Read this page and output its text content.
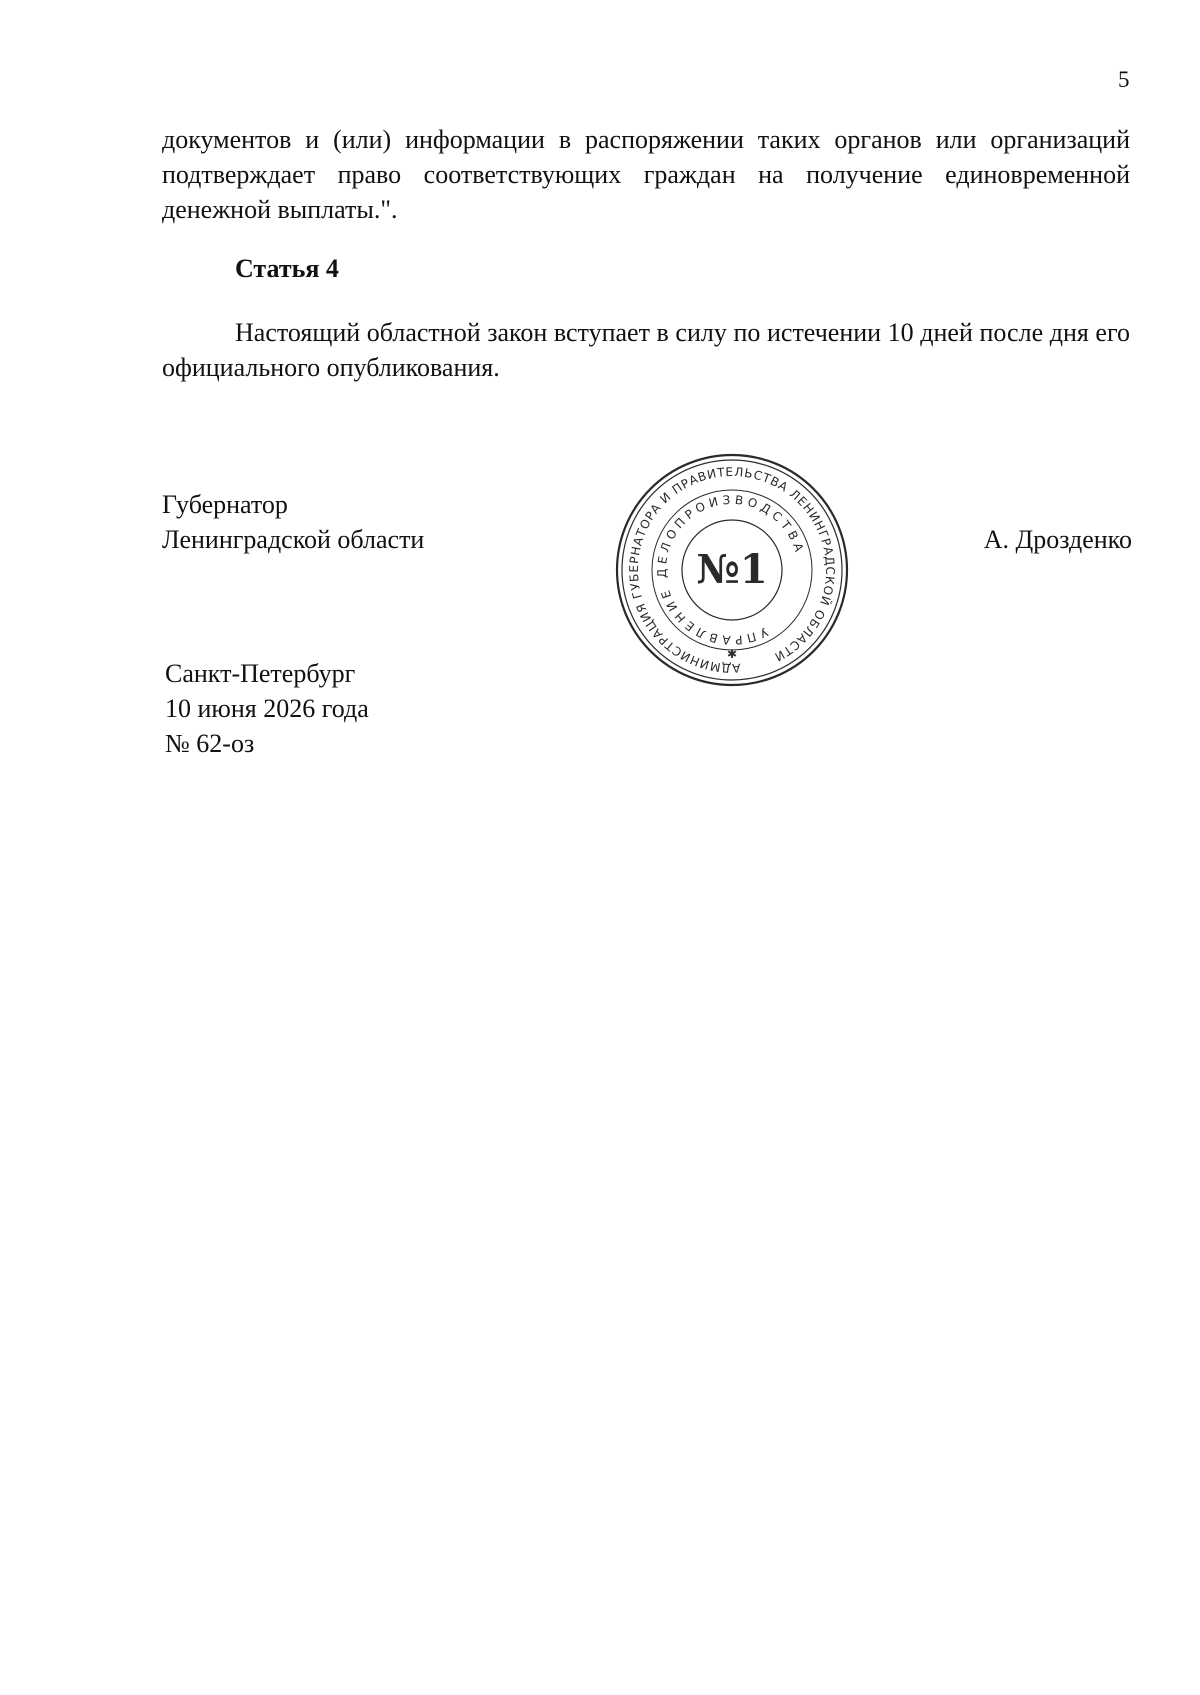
5

документов и (или) информации в распоряжении таких органов или организаций подтверждает право соответствующих граждан на получение единовременной денежной выплаты.".

Статья 4

Настоящий областной закон вступает в силу по истечении 10 дней после дня его официального опубликования.

Губернатор
Ленинградской области
АДМИНИСТРАЦИЯ ГУБЕРНАТОРА И ПРАВИТЕЛЬСТВА ЛЕНИНГРАДСКОЙ ОБЛАСТИ
УПРАВЛЕНИЕ ДЕЛОПРОИЗВОДСТВА
№1
✱
А. Дрозденко
Санкт-Петербург
10 июня 2026 года
№ 62-оз
